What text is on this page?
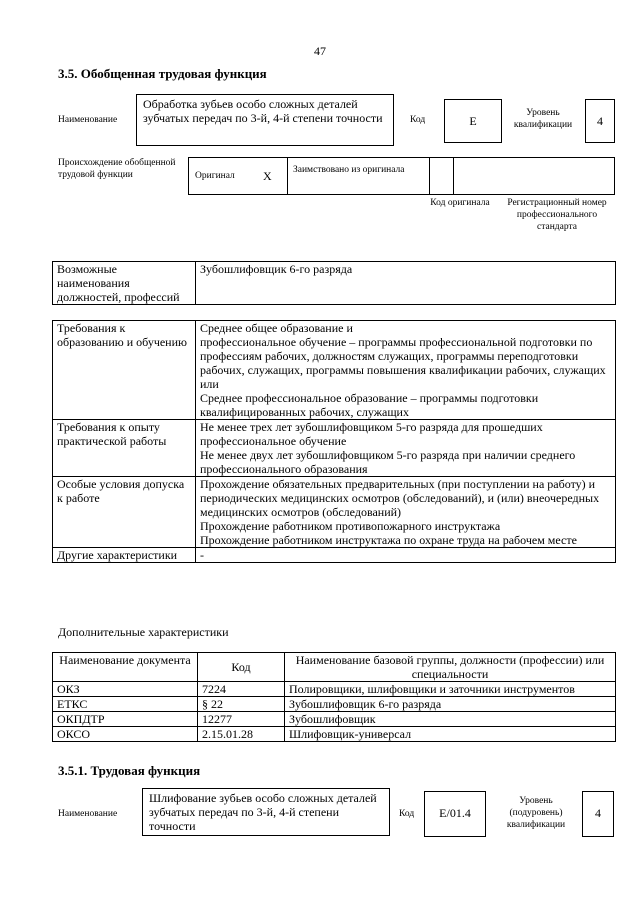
47
3.5. Обобщенная трудовая функция
Наименование
Обработка зубьев особо сложных деталей зубчатых передач по 3-й, 4-й степени точности	Код	E
Уровень квалификации	4
Происхождение обобщенной трудовой функции	Оригинал X Заимствовано из оригинала
Код оригинала	Регистрационный номер профессионального стандарта
Возможные наименования должностей, профессий	Зубошлифовщик 6-го разряда
Требования к образованию и обучению	Среднее общее образование и
профессиональное обучение – программы профессиональной подготовки по профессиям рабочих, должностям служащих, программы переподготовки рабочих, служащих, программы повышения квалификации рабочих, служащих
или
Среднее профессиональное образование – программы подготовки квалифицированных рабочих, служащих

Требования к опыту практической работы	Не менее трех лет зубошлифовщиком 5-го разряда для прошедших профессиональное обучение
Не менее двух лет зубошлифовщиком 5-го разряда при наличии среднего профессионального образования

Особые условия допуска к работе	Прохождение обязательных предварительных (при поступлении на работу) и периодических медицинских осмотров (обследований), и (или) внеочередных медицинских осмотров (обследований)
Прохождение работником противопожарного инструктажа
Прохождение работником инструктажа по охране труда на рабочем месте

Другие характеристики	-
Дополнительные характеристики
Наименование документа	Код	Наименование базовой группы, должности (профессии) или специальности
ОКЗ	7224	Полировщики, шлифовщики и заточники инструментов
ЕТКС	§ 22	Зубошлифовщик 6-го разряда
ОКПДТР	12277	Зубошлифовщик
ОКСО	2.15.01.28	Шлифовщик-универсал
3.5.1. Трудовая функция
Наименование
Шлифование зубьев особо сложных деталей зубчатых передач по 3-й, 4-й степени точности
Код	E/01.4
Уровень (подуровень) квалификации
4
